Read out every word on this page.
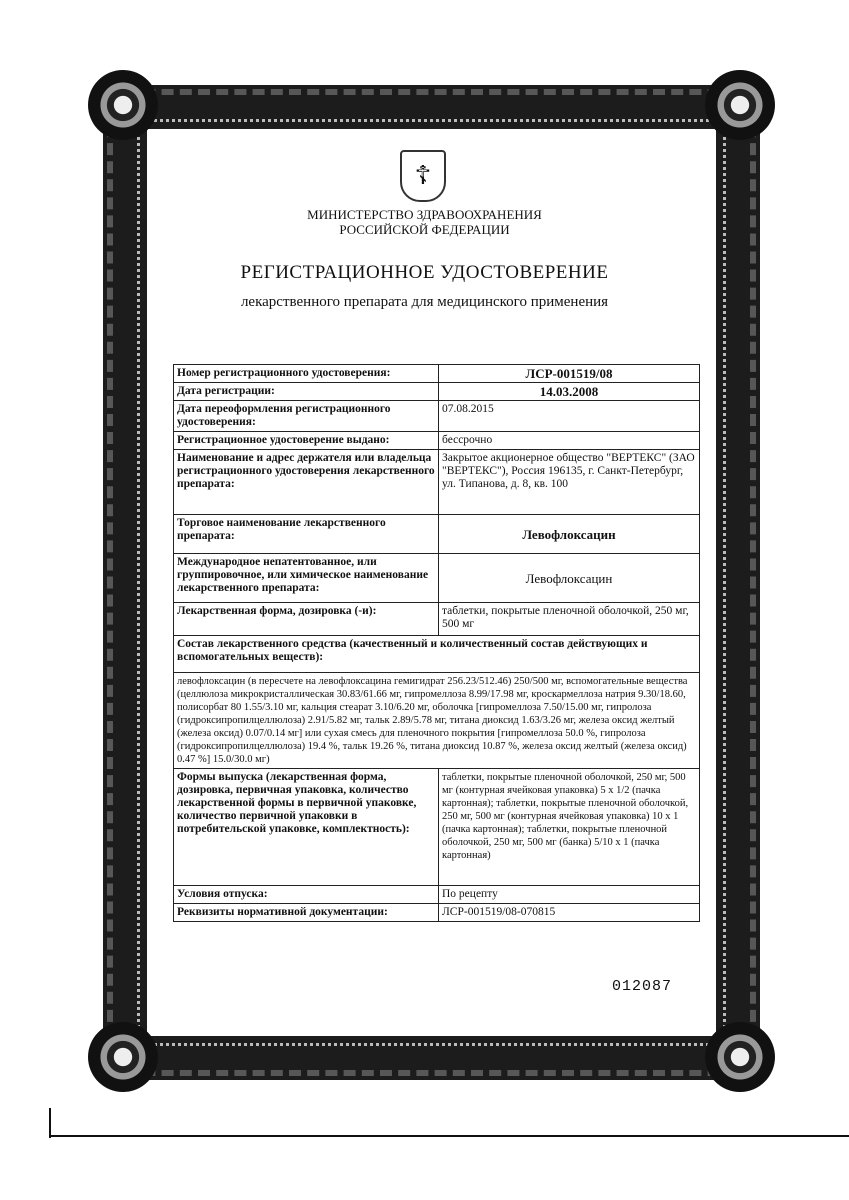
☦
МИНИСТЕРСТВО ЗДРАВООХРАНЕНИЯ
РОССИЙСКОЙ ФЕДЕРАЦИИ
РЕГИСТРАЦИОННОЕ УДОСТОВЕРЕНИЕ
лекарственного препарата для медицинского применения
Номер регистрационного удостоверения:	ЛСР-001519/08
Дата регистрации:	14.03.2008
Дата переоформления регистрационного удостоверения:	07.08.2015
Регистрационное удостоверение выдано:	бессрочно
Наименование и адрес держателя или владельца регистрационного удостоверения лекарственного препарата:	Закрытое акционерное общество "ВЕРТЕКС" (ЗАО "ВЕРТЕКС"), Россия 196135, г. Санкт-Петербург, ул. Типанова, д. 8, кв. 100
Торговое наименование лекарственного препарата:	Левофлоксацин
Международное непатентованное, или группировочное, или химическое наименование лекарственного препарата:	Левофлоксацин
Лекарственная форма, дозировка (-и):	таблетки, покрытые пленочной оболочкой, 250 мг, 500 мг
Состав лекарственного средства (качественный и количественный состав действующих и вспомогательных веществ):	
левофлоксацин (в пересчете на левофлоксацина гемигидрат 256.23/512.46) 250/500 мг, вспомогательные вещества (целлюлоза микрокристаллическая 30.83/61.66 мг, гипромеллоза 8.99/17.98 мг, кроскармеллоза натрия 9.30/18.60, полисорбат 80 1.55/3.10 мг, кальция стеарат 3.10/6.20 мг, оболочка [гипромеллоза 7.50/15.00 мг, гипролоза (гидроксипропилцеллюлоза) 2.91/5.82 мг, тальк 2.89/5.78 мг, титана диоксид 1.63/3.26 мг, железа оксид желтый (железа оксид) 0.07/0.14 мг] или сухая смесь для пленочного покрытия [гипромеллоза 50.0 %, гипролоза (гидроксипропилцеллюлоза) 19.4 %, тальк 19.26 %, титана диоксид 10.87 %, железа оксид желтый (железа оксид) 0.47 %] 15.0/30.0 мг)	
Формы выпуска (лекарственная форма, дозировка, первичная упаковка, количество лекарственной формы в первичной упаковке, количество первичной упаковки в потребительской упаковке, комплектность):	таблетки, покрытые пленочной оболочкой, 250 мг, 500 мг (контурная ячейковая упаковка) 5 x 1/2 (пачка картонная); таблетки, покрытые пленочной оболочкой, 250 мг, 500 мг (контурная ячейковая упаковка) 10 x 1 (пачка картонная); таблетки, покрытые пленочной оболочкой, 250 мг, 500 мг (банка) 5/10 x 1 (пачка картонная)
Условия отпуска:	По рецепту
Реквизиты нормативной документации:	ЛСР-001519/08-070815
012087
